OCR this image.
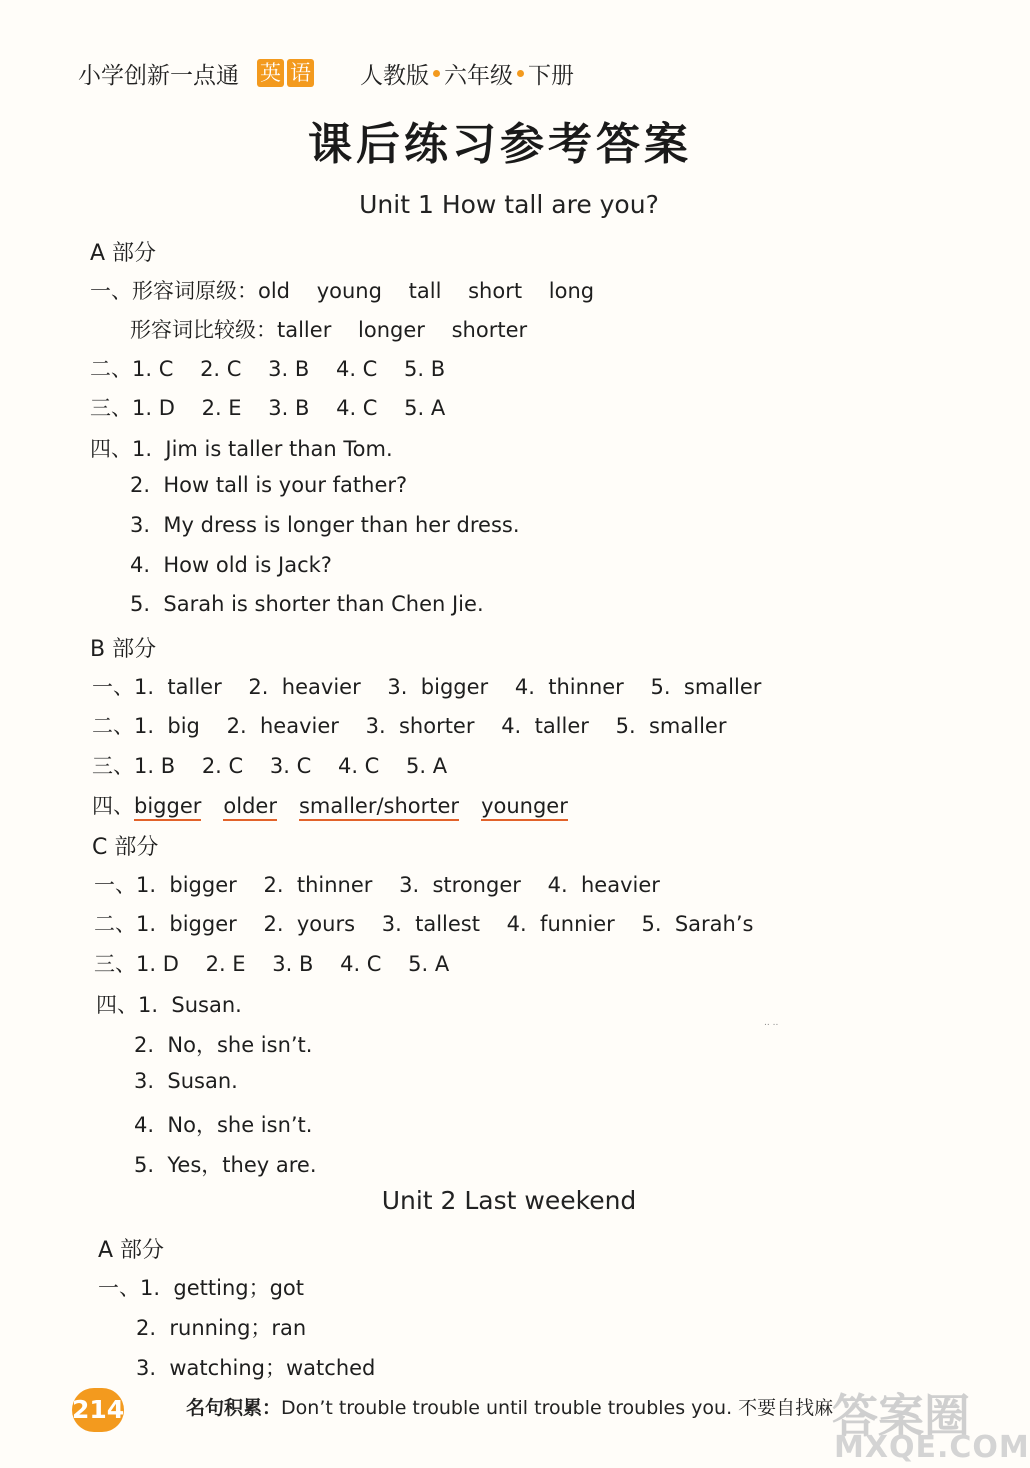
小学创新一点通 英 语 人教版 六年级 下册
课后练习参考答案
Unit 1 How tall are you?
A 部分
一、形容词原级：old    young    tall    short    long
形容词比较级：taller    longer    shorter
二、1. C    2. C    3. B    4. C    5. B
三、1. D    2. E    3. B    4. C    5. A
四、1.  Jim is taller than Tom.
2.  How tall is your father?
3.  My dress is longer than her dress.
4.  How old is Jack?
5.  Sarah is shorter than Chen Jie.
B 部分
一、1.  taller    2.  heavier    3.  bigger    4.  thinner    5.  smaller
二、1.  big    2.  heavier    3.  shorter    4.  taller    5.  smaller
三、1. B    2. C    3. C    4. C    5. A
四、bigger older smaller/shorter younger
C 部分
一、1.  bigger    2.  thinner    3.  stronger    4.  heavier
二、1.  bigger    2.  yours    3.  tallest    4.  funnier    5.  Sarah’s
三、1. D    2. E    3. B    4. C    5. A
四、1.  Susan.
2.  No，she isn’t.
3.  Susan.
4.  No，she isn’t.
5.  Yes，they are.
.. ..
Unit 2 Last weekend
A 部分
一、1.  getting；got
2.  running；ran
3.  watching；watched
214	名句积累：Don’t trouble trouble until trouble troubles you. 不要自找麻
答案圈
MXQE.COM
